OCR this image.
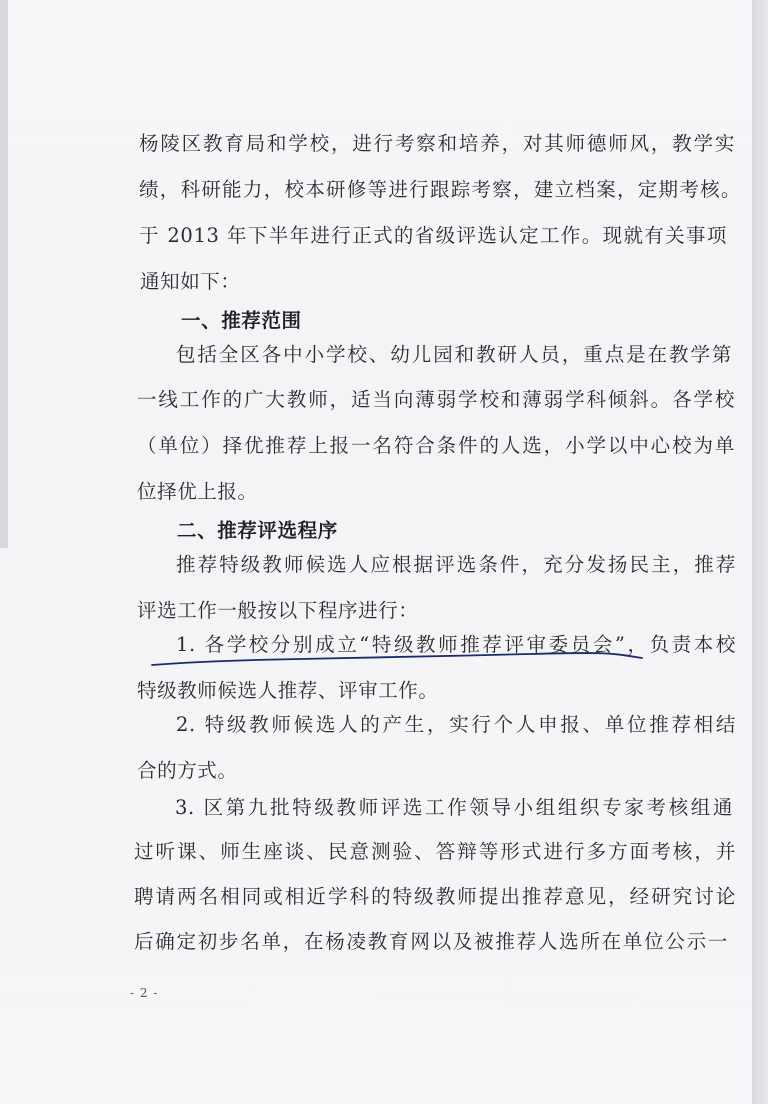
杨陵区教育局和学校，进行考察和培养，对其师德师风，教学实
绩，科研能力，校本研修等进行跟踪考察，建立档案，定期考核。
于 2013 年下半年进行正式的省级评选认定工作。现就有关事项
通知如下：
一、推荐范围
包括全区各中小学校、幼儿园和教研人员，重点是在教学第
一线工作的广大教师，适当向薄弱学校和薄弱学科倾斜。各学校
（单位）择优推荐上报一名符合条件的人选，小学以中心校为单
位择优上报。
二、推荐评选程序
推荐特级教师候选人应根据评选条件，充分发扬民主，推荐
评选工作一般按以下程序进行：
1. 各学校分别成立“特级教师推荐评审委员会”，负责本校
特级教师候选人推荐、评审工作。
2. 特级教师候选人的产生，实行个人申报、单位推荐相结
合的方式。
3. 区第九批特级教师评选工作领导小组组织专家考核组通
过听课、师生座谈、民意测验、答辩等形式进行多方面考核，并
聘请两名相同或相近学科的特级教师提出推荐意见，经研究讨论
后确定初步名单，在杨凌教育网以及被推荐人选所在单位公示一
- 2 -
